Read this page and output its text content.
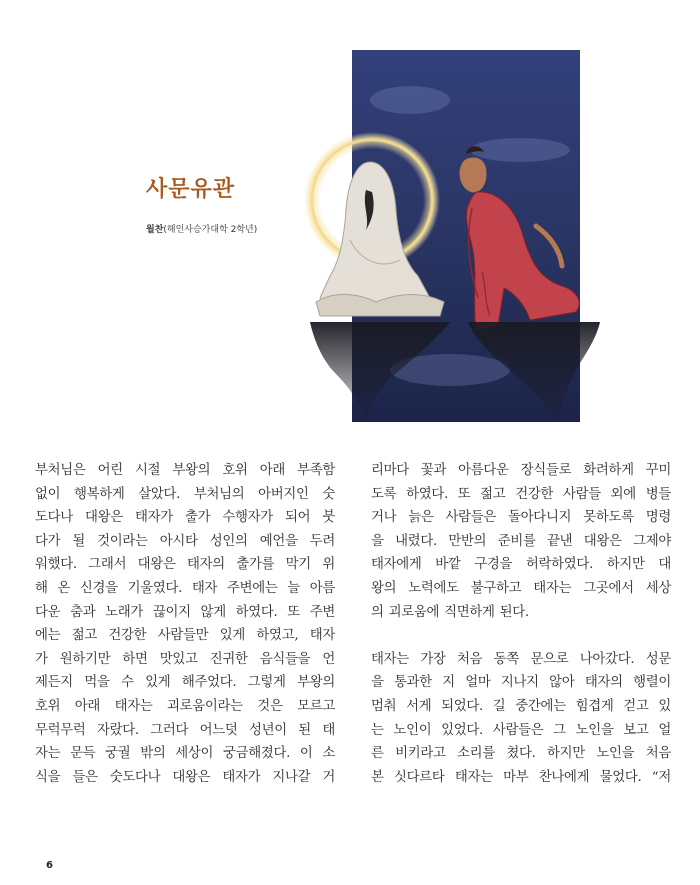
사문유관
월찬(해인사승가대학 2학년)
부처님은 어린 시절 부왕의 호위 아래 부족함
없이 행복하게 살았다. 부처님의 아버지인 숫
도다나 대왕은 태자가 출가 수행자가 되어 붓
다가 될 것이라는 아시타 성인의 예언을 두려
워했다. 그래서 대왕은 태자의 출가를 막기 위
해 온 신경을 기울였다. 태자 주변에는 늘 아름
다운 춤과 노래가 끊이지 않게 하였다. 또 주변
에는 젊고 건강한 사람들만 있게 하였고, 태자
가 원하기만 하면 맛있고 진귀한 음식들을 언
제든지 먹을 수 있게 해주었다. 그렇게 부왕의
호위 아래 태자는 괴로움이라는 것은 모르고
무럭무럭 자랐다. 그러다 어느덧 성년이 된 태
자는 문득 궁궐 밖의 세상이 궁금해졌다. 이 소
식을 들은 숫도다나 대왕은 태자가 지나갈 거
리마다 꽃과 아름다운 장식들로 화려하게 꾸미
도록 하였다. 또 젊고 건강한 사람들 외에 병들
거나 늙은 사람들은 돌아다니지 못하도록 명령
을 내렸다. 만반의 준비를 끝낸 대왕은 그제야
태자에게 바깥 구경을 허락하였다. 하지만 대
왕의 노력에도 불구하고 태자는 그곳에서 세상
의 괴로움에 직면하게 된다.
태자는 가장 처음 동쪽 문으로 나아갔다. 성문
을 통과한 지 얼마 지나지 않아 태자의 행렬이
멈춰 서게 되었다. 길 중간에는 힘겹게 걷고 있
는 노인이 있었다. 사람들은 그 노인을 보고 얼
른 비키라고 소리를 쳤다. 하지만 노인을 처음
본 싯다르타 태자는 마부 찬나에게 물었다. “저
6
